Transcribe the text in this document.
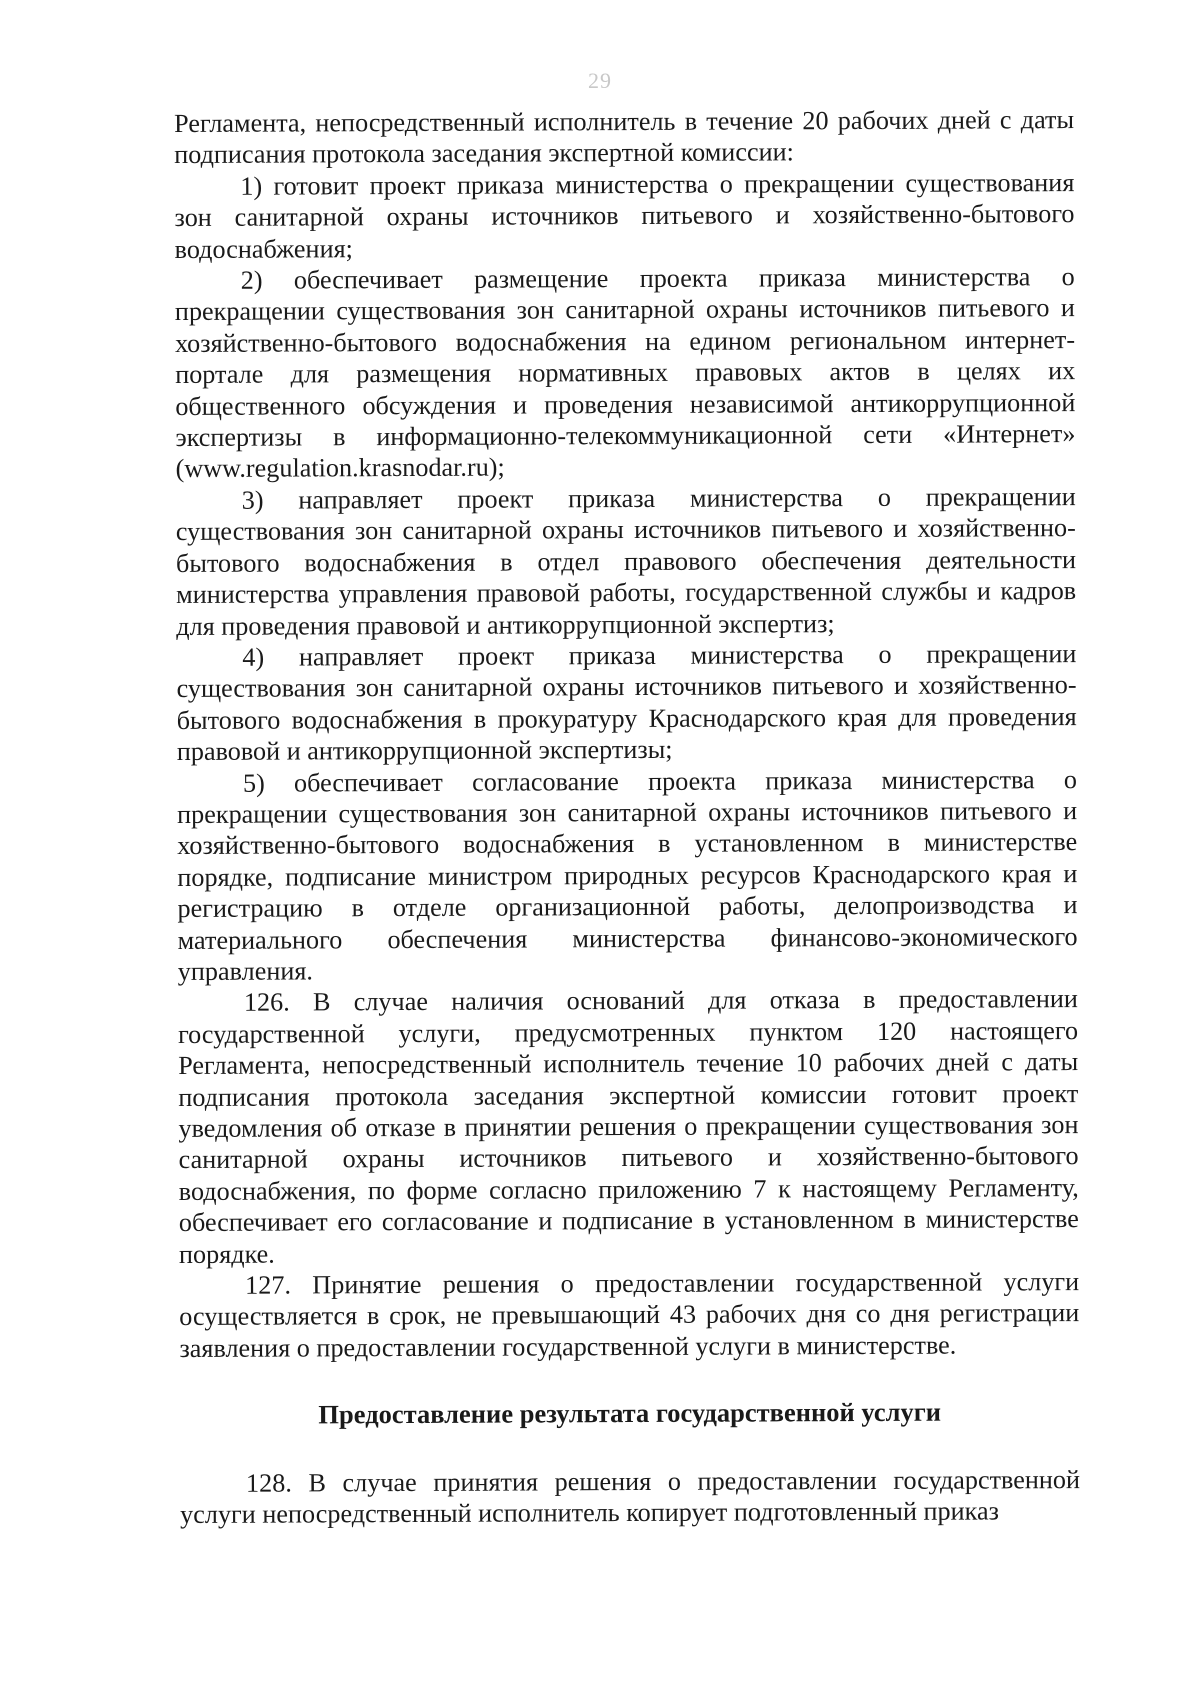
29

Регламента, непосредственный исполнитель в течение 20 рабочих дней с даты подписания протокола заседания экспертной комиссии:

1) готовит проект приказа министерства о прекращении существования зон санитарной охраны источников питьевого и хозяйственно-бытового водоснабжения;

2) обеспечивает размещение проекта приказа министерства о прекращении существования зон санитарной охраны источников питьевого и хозяйственно-бытового водоснабжения на едином региональном интернет-портале для размещения нормативных правовых актов в целях их общественного обсуждения и проведения независимой антикоррупционной экспертизы в информационно-телекоммуникационной сети «Интернет» (www.regulation.krasnodar.ru);

3) направляет проект приказа министерства о прекращении существования зон санитарной охраны источников питьевого и хозяйственно-бытового водоснабжения в отдел правового обеспечения деятельности министерства управления правовой работы, государственной службы и кадров для проведения правовой и антикоррупционной экспертиз;

4) направляет проект приказа министерства о прекращении существования зон санитарной охраны источников питьевого и хозяйственно-бытового водоснабжения в прокуратуру Краснодарского края для проведения правовой и антикоррупционной экспертизы;

5) обеспечивает согласование проекта приказа министерства о прекращении существования зон санитарной охраны источников питьевого и хозяйственно-бытового водоснабжения в установленном в министерстве порядке, подписание министром природных ресурсов Краснодарского края и регистрацию в отделе организационной работы, делопроизводства и материального обеспечения министерства финансово-экономического управления.

126. В случае наличия оснований для отказа в предоставлении государственной услуги, предусмотренных пунктом 120 настоящего Регламента, непосредственный исполнитель течение 10 рабочих дней с даты подписания протокола заседания экспертной комиссии готовит проект уведомления об отказе в принятии решения о прекращении существования зон санитарной охраны источников питьевого и хозяйственно-бытового водоснабжения, по форме согласно приложению 7 к настоящему Регламенту, обеспечивает его согласование и подписание в установленном в министерстве порядке.

127. Принятие решения о предоставлении государственной услуги осуществляется в срок, не превышающий 43 рабочих дня со дня регистрации заявления о предоставлении государственной услуги в министерстве.

Предоставление результата государственной услуги

128. В случае принятия решения о предоставлении государственной услуги непосредственный исполнитель копирует подготовленный приказ
